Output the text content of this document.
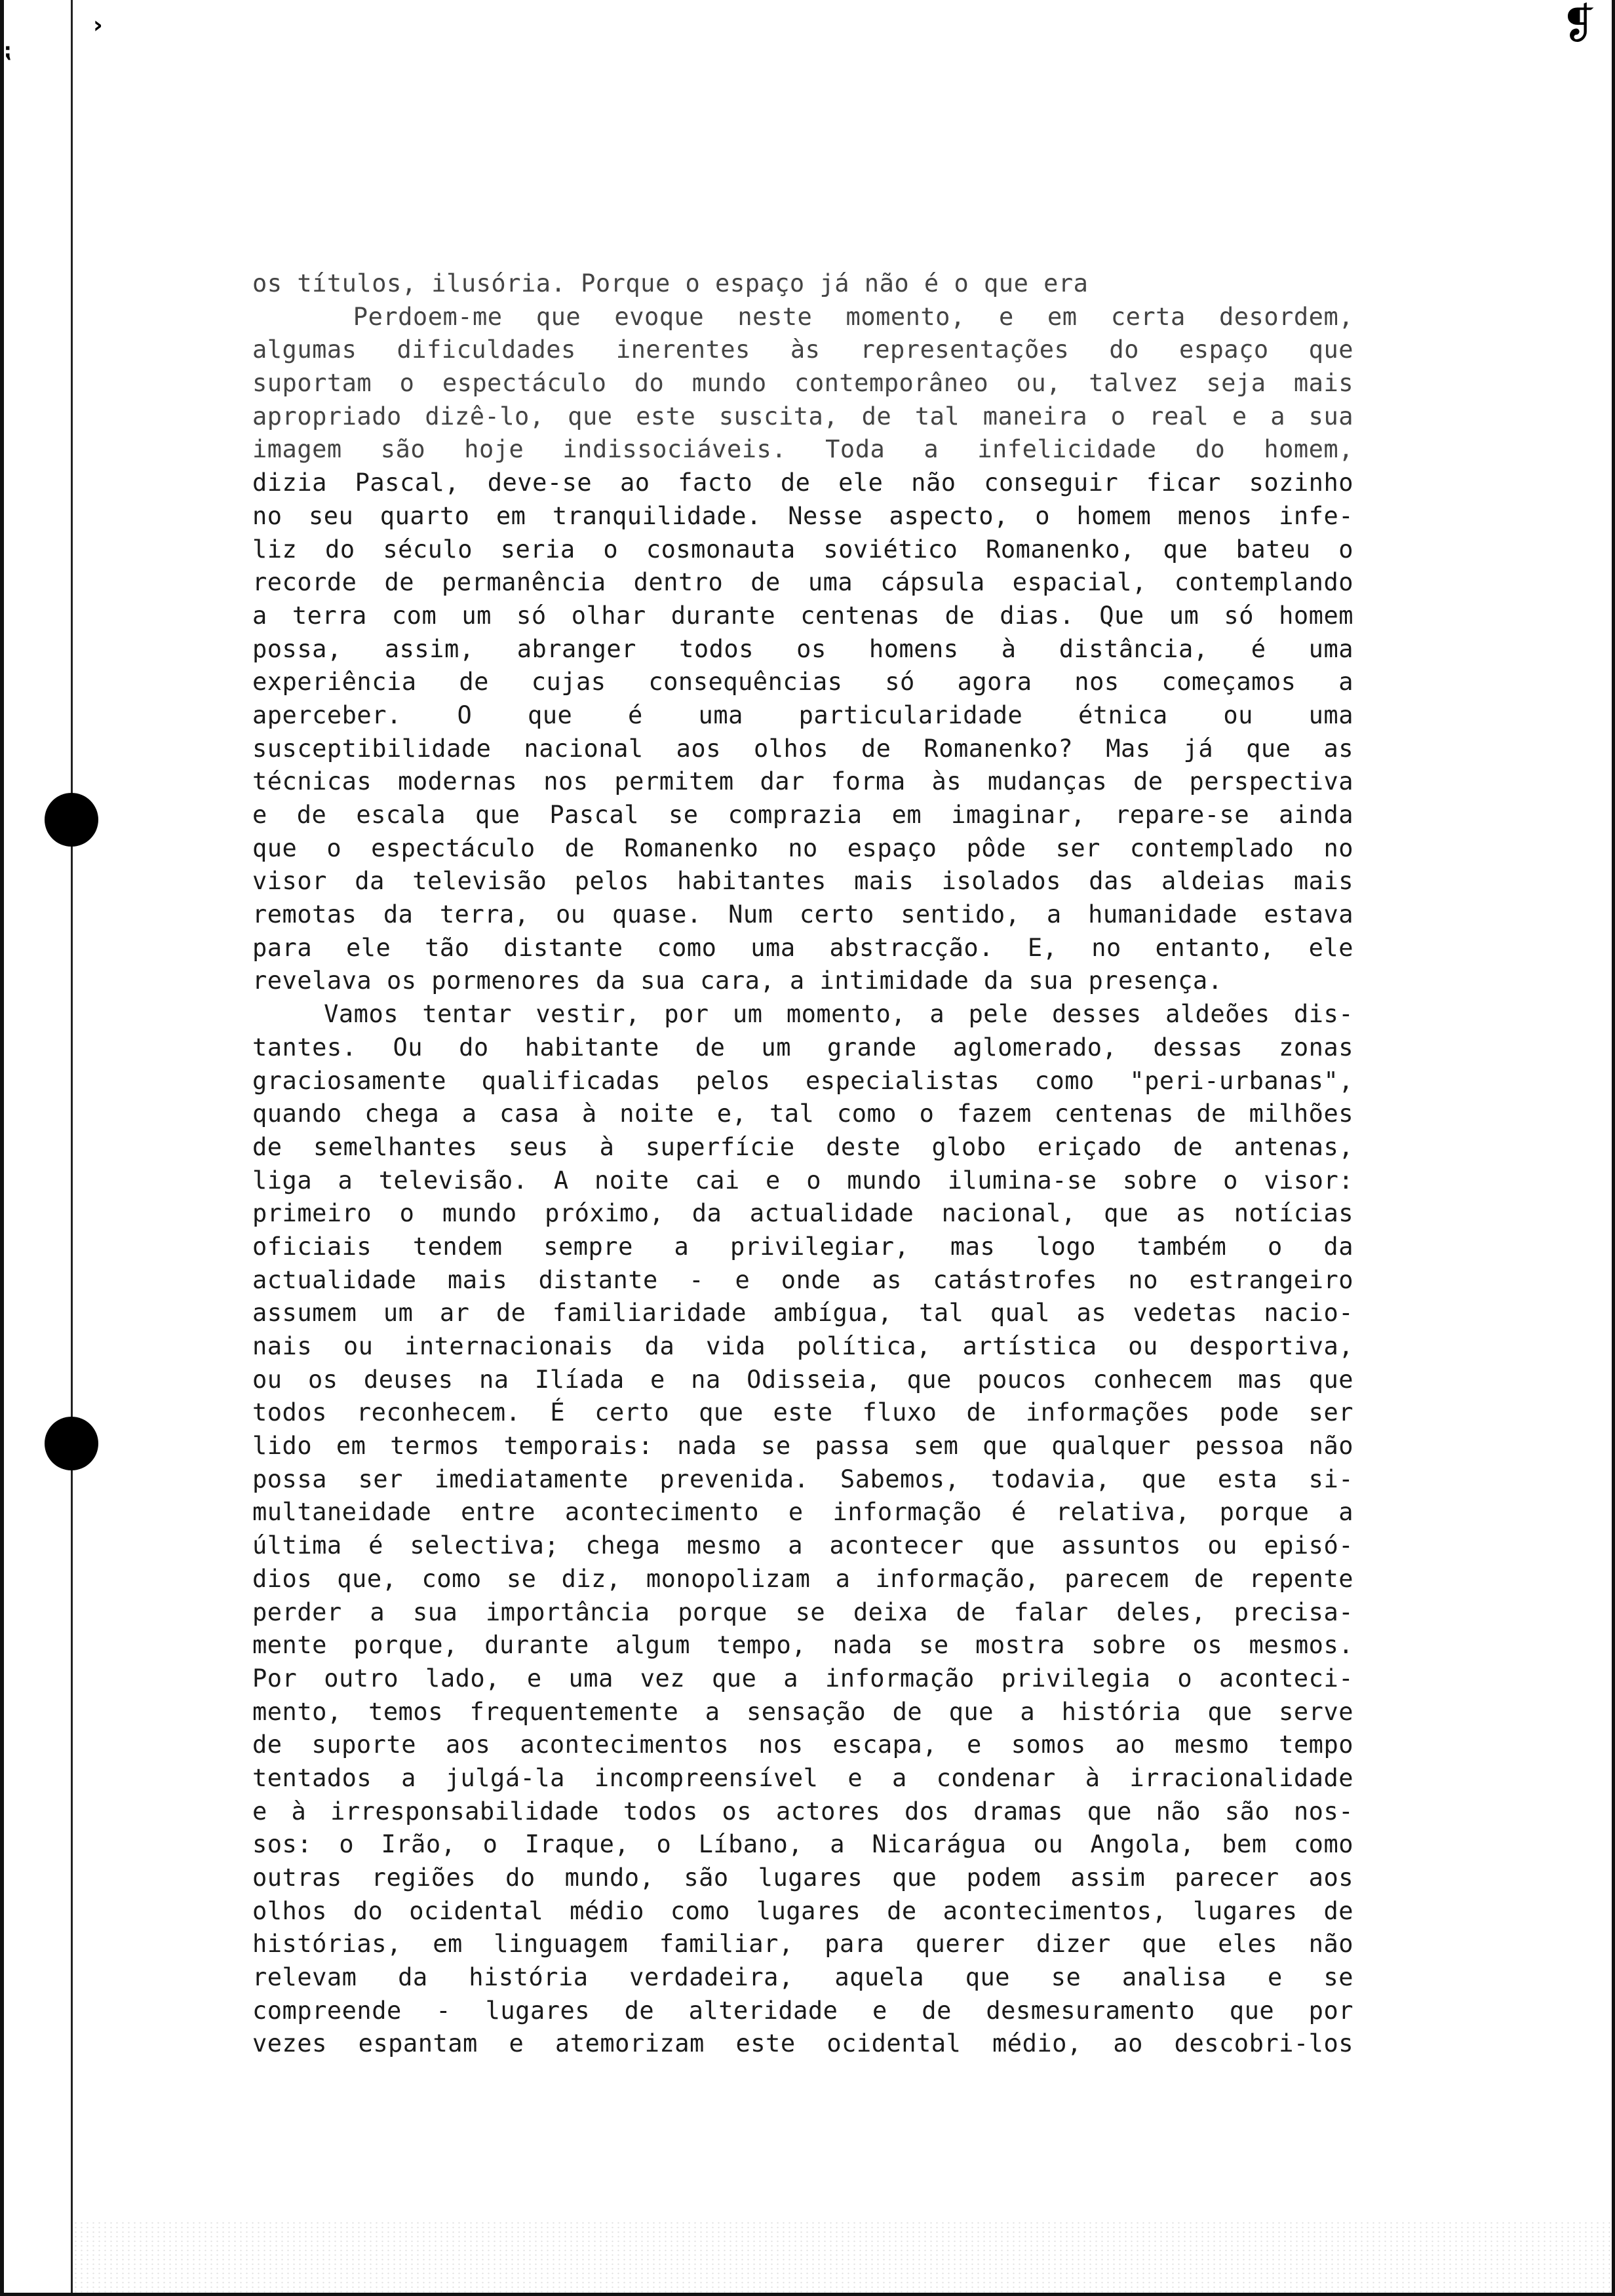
›
⁏
❡
os títulos, ilusória. Porque o espaço já não é o que era
Perdoem-me que evoque neste momento, e em certa desordem,
algumas dificuldades inerentes às representações do espaço que
suportam o espectáculo do mundo contemporâneo ou, talvez seja mais
apropriado dizê-lo, que este suscita, de tal maneira o real e a sua
imagem são hoje indissociáveis. Toda a infelicidade do homem,
dizia Pascal, deve-se ao facto de ele não conseguir ficar sozinho
no seu quarto em tranquilidade. Nesse aspecto, o homem menos infe-
liz do século seria o cosmonauta soviético Romanenko, que bateu o
recorde de permanência dentro de uma cápsula espacial, contemplando
a terra com um só olhar durante centenas de dias. Que um só homem
possa, assim, abranger todos os homens à distância, é uma
experiência de cujas consequências só agora nos começamos a
aperceber. O que é uma particularidade étnica ou uma
susceptibilidade nacional aos olhos de Romanenko? Mas já que as
técnicas modernas nos permitem dar forma às mudanças de perspectiva
e de escala que Pascal se comprazia em imaginar, repare-se ainda
que o espectáculo de Romanenko no espaço pôde ser contemplado no
visor da televisão pelos habitantes mais isolados das aldeias mais
remotas da terra, ou quase. Num certo sentido, a humanidade estava
para ele tão distante como uma abstracção. E, no entanto, ele
revelava os pormenores da sua cara, a intimidade da sua presença.
Vamos tentar vestir, por um momento, a pele desses aldeões dis-
tantes. Ou do habitante de um grande aglomerado, dessas zonas
graciosamente qualificadas pelos especialistas como "peri-urbanas",
quando chega a casa à noite e, tal como o fazem centenas de milhões
de semelhantes seus à superfície deste globo eriçado de antenas,
liga a televisão. A noite cai e o mundo ilumina-se sobre o visor:
primeiro o mundo próximo, da actualidade nacional, que as notícias
oficiais tendem sempre a privilegiar, mas logo também o da
actualidade mais distante - e onde as catástrofes no estrangeiro
assumem um ar de familiaridade ambígua, tal qual as vedetas nacio-
nais ou internacionais da vida política, artística ou desportiva,
ou os deuses na Ilíada e na Odisseia, que poucos conhecem mas que
todos reconhecem. É certo que este fluxo de informações pode ser
lido em termos temporais: nada se passa sem que qualquer pessoa não
possa ser imediatamente prevenida. Sabemos, todavia, que esta si-
multaneidade entre acontecimento e informação é relativa, porque a
última é selectiva; chega mesmo a acontecer que assuntos ou episó-
dios que, como se diz, monopolizam a informação, parecem de repente
perder a sua importância porque se deixa de falar deles, precisa-
mente porque, durante algum tempo, nada se mostra sobre os mesmos.
Por outro lado, e uma vez que a informação privilegia o aconteci-
mento, temos frequentemente a sensação de que a história que serve
de suporte aos acontecimentos nos escapa, e somos ao mesmo tempo
tentados a julgá-la incompreensível e a condenar à irracionalidade
e à irresponsabilidade todos os actores dos dramas que não são nos-
sos: o Irão, o Iraque, o Líbano, a Nicarágua ou Angola, bem como
outras regiões do mundo, são lugares que podem assim parecer aos
olhos do ocidental médio como lugares de acontecimentos, lugares de
histórias, em linguagem familiar, para querer dizer que eles não
relevam da história verdadeira, aquela que se analisa e se
compreende - lugares de alteridade e de desmesuramento que por
vezes espantam e atemorizam este ocidental médio, ao descobri-los
